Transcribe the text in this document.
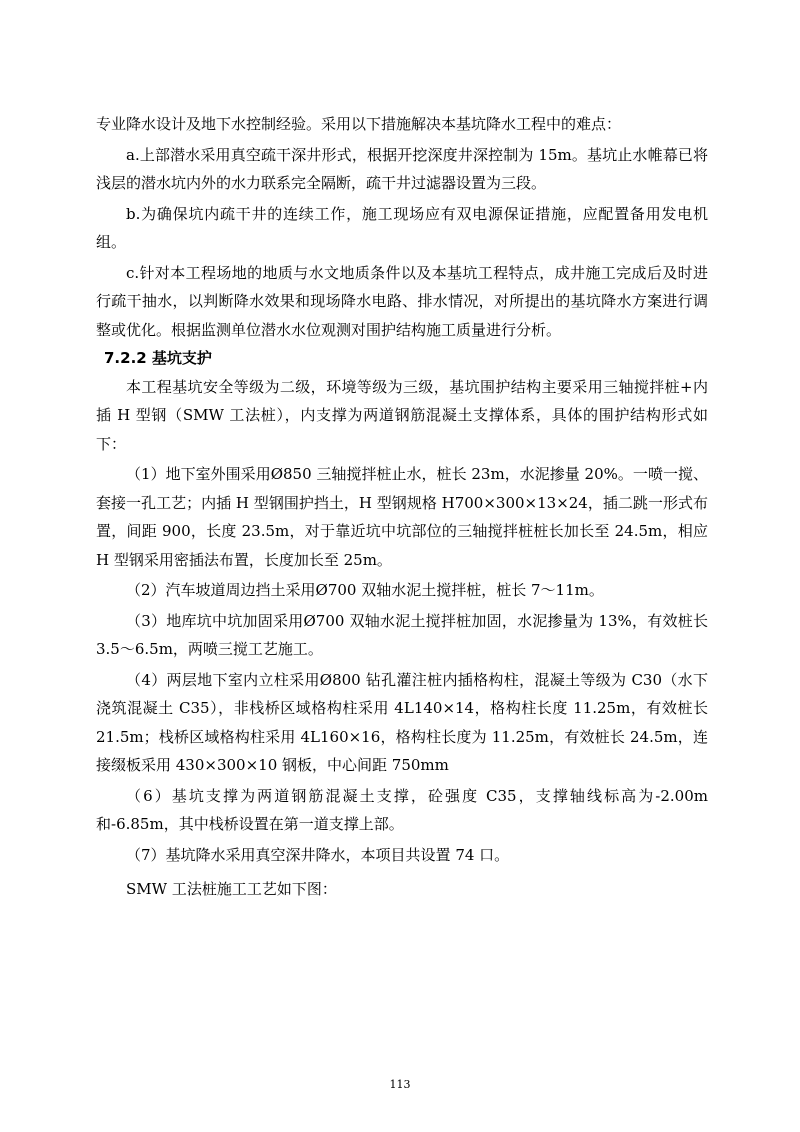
专业降水设计及地下水控制经验。采用以下措施解决本基坑降水工程中的难点：

a.上部潜水采用真空疏干深井形式，根据开挖深度井深控制为 15m。基坑止水帷幕已将浅层的潜水坑内外的水力联系完全隔断，疏干井过滤器设置为三段。

b.为确保坑内疏干井的连续工作，施工现场应有双电源保证措施，应配置备用发电机组。

c.针对本工程场地的地质与水文地质条件以及本基坑工程特点，成井施工完成后及时进行疏干抽水，以判断降水效果和现场降水电路、排水情况，对所提出的基坑降水方案进行调整或优化。根据监测单位潜水水位观测对围护结构施工质量进行分析。

7.2.2 基坑支护

本工程基坑安全等级为二级，环境等级为三级，基坑围护结构主要采用三轴搅拌桩+内插 H 型钢（SMW 工法桩），内支撑为两道钢筋混凝土支撑体系，具体的围护结构形式如下：

（1）地下室外围采用Ø850 三轴搅拌桩止水，桩长 23m，水泥掺量 20%。一喷一搅、套接一孔工艺；内插 H 型钢围护挡土，H 型钢规格 H700×300×13×24，插二跳一形式布置，间距 900，长度 23.5m，对于靠近坑中坑部位的三轴搅拌桩桩长加长至 24.5m，相应 H 型钢采用密插法布置，长度加长至 25m。

（2）汽车坡道周边挡土采用Ø700 双轴水泥土搅拌桩，桩长 7～11m。

（3）地库坑中坑加固采用Ø700 双轴水泥土搅拌桩加固，水泥掺量为 13%，有效桩长 3.5～6.5m，两喷三搅工艺施工。

（4）两层地下室内立柱采用Ø800 钻孔灌注桩内插格构柱，混凝土等级为 C30（水下浇筑混凝土 C35），非栈桥区域格构柱采用 4L140×14，格构柱长度 11.25m，有效桩长 21.5m；栈桥区域格构柱采用 4L160×16，格构柱长度为 11.25m，有效桩长 24.5m，连接缀板采用 430×300×10 钢板，中心间距 750mm

（6）基坑支撑为两道钢筋混凝土支撑，砼强度 C35，支撑轴线标高为-2.00m 和-6.85m，其中栈桥设置在第一道支撑上部。

（7）基坑降水采用真空深井降水，本项目共设置 74 口。

SMW 工法桩施工工艺如下图：

113
